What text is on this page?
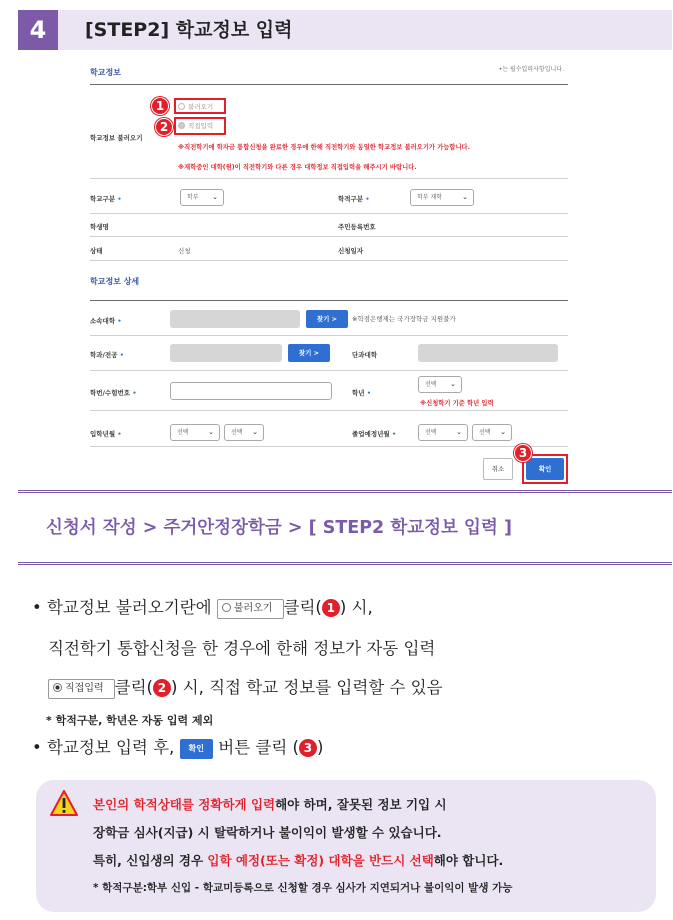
4	[STEP2] 학교정보 입력
학교정보	•는 필수입력사항입니다.
학교정보 불러오기
불러오기
직접입력
1
2
※직전학기에 학자금 통합신청을 완료한 경우에 한해 직전학기와 동일한 학교정보 불러오기가 가능합니다.
※재학중인 대학(원)이 직전학기와 다른 경우 대학정보 직접입력을 해주시기 바랍니다.
학교구분 •	학부 ⌄	학적구분 •	학부 재학	⌄
학생명	주민등록번호
상태	신청	신청일자
학교정보 상세
소속대학 •	찾기 >	※학점은행제는 국가장학금 지원불가
학과/전공 •	찾기 >	단과대학
학번/수험번호 •	학년 •
선택 ⌄
※신청학기 기준 학년 입력
입학년월 •	선택	⌄	선택 ⌄	졸업예정년월 •	선택	⌄	선택 ⌄
취소	확인
3
신청서 작성 > 주거안정장학금 > [ STEP2 학교정보 입력 ]
• 학교정보 불러오기란에 불러오기 클릭( 1 ) 시,
직전학기 통합신청을 한 경우에 한해 정보가 자동 입력
직접입력 클릭( 2 ) 시, 직접 학교 정보를 입력할 수 있음
* 학적구분, 학년은 자동 입력 제외
• 학교정보 입력 후, 확인 버튼 클릭 ( 3 )
본인의 학적상태를 정확하게 입력해야 하며, 잘못된 정보 기입 시
장학금 심사(지급) 시 탈락하거나 불이익이 발생할 수 있습니다.
특히, 신입생의 경우 입학 예정(또는 확정) 대학을 반드시 선택해야 합니다.
* 학적구분:학부 신입 - 학교미등록으로 신청할 경우 심사가 지연되거나 불이익이 발생 가능
